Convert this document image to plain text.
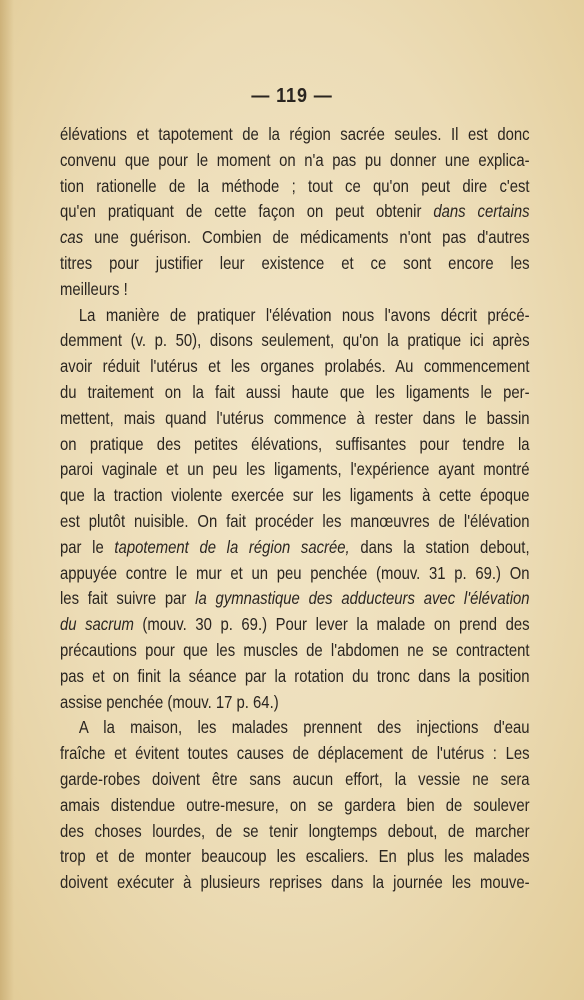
— 119 —
élévations et tapotement de la région sacrée seules. Il est donc
convenu que pour le moment on n'a pas pu donner une explica-
tion rationelle de la méthode ; tout ce qu'on peut dire c'est
qu'en pratiquant de cette façon on peut obtenir dans certains
cas une guérison. Combien de médicaments n'ont pas d'autres
titres pour justifier leur existence et ce sont encore les
meilleurs !
La manière de pratiquer l'élévation nous l'avons décrit précé-
demment (v. p. 50), disons seulement, qu'on la pratique ici après
avoir réduit l'utérus et les organes prolabés. Au commencement
du traitement on la fait aussi haute que les ligaments le per-
mettent, mais quand l'utérus commence à rester dans le bassin
on pratique des petites élévations, suffisantes pour tendre la
paroi vaginale et un peu les ligaments, l'expérience ayant montré
que la traction violente exercée sur les ligaments à cette époque
est plutôt nuisible. On fait procéder les manœuvres de l'élévation
par le tapotement de la région sacrée, dans la station debout,
appuyée contre le mur et un peu penchée (mouv. 31 p. 69.) On
les fait suivre par la gymnastique des adducteurs avec l'élévation
du sacrum (mouv. 30 p. 69.) Pour lever la malade on prend des
précautions pour que les muscles de l'abdomen ne se contractent
pas et on finit la séance par la rotation du tronc dans la position
assise penchée (mouv. 17 p. 64.)
A la maison, les malades prennent des injections d'eau
fraîche et évitent toutes causes de déplacement de l'utérus : Les
garde-robes doivent être sans aucun effort, la vessie ne sera
amais distendue outre-mesure, on se gardera bien de soulever
des choses lourdes, de se tenir longtemps debout, de marcher
trop et de monter beaucoup les escaliers. En plus les malades
doivent exécuter à plusieurs reprises dans la journée les mouve-
